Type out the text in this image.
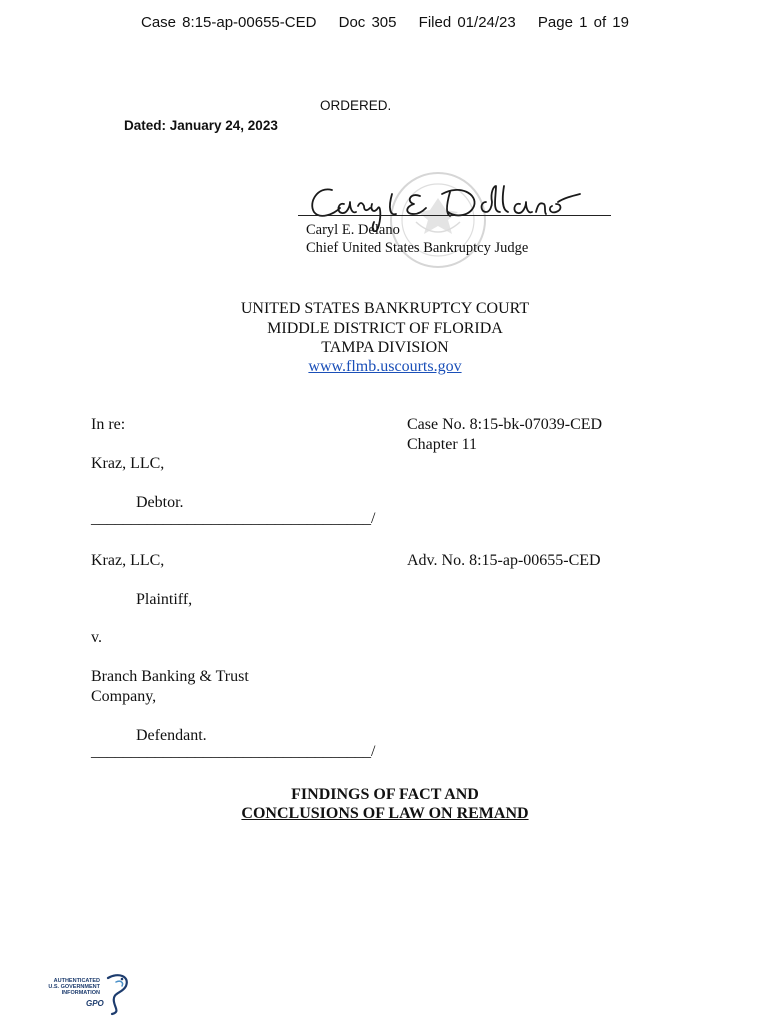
Case 8:15-ap-00655-CED Doc 305 Filed 01/24/23 Page 1 of 19
ORDERED.
Dated: January 24, 2023
Caryl E. Delano
Chief United States Bankruptcy Judge
UNITED STATES BANKRUPTCY COURT
MIDDLE DISTRICT OF FLORIDA
TAMPA DIVISION
www.flmb.uscourts.gov
In re:	Case No. 8:15-bk-07039-CED
Chapter 11
Kraz, LLC,
Debtor.
___________________________________/
Kraz, LLC,	Adv. No. 8:15-ap-00655-CED
Plaintiff,
v.
Branch Banking & Trust
Company,
Defendant.
___________________________________/
FINDINGS OF FACT AND
CONCLUSIONS OF LAW ON REMAND
AUTHENTICATED U.S. GOVERNMENT INFORMATION
GPO
